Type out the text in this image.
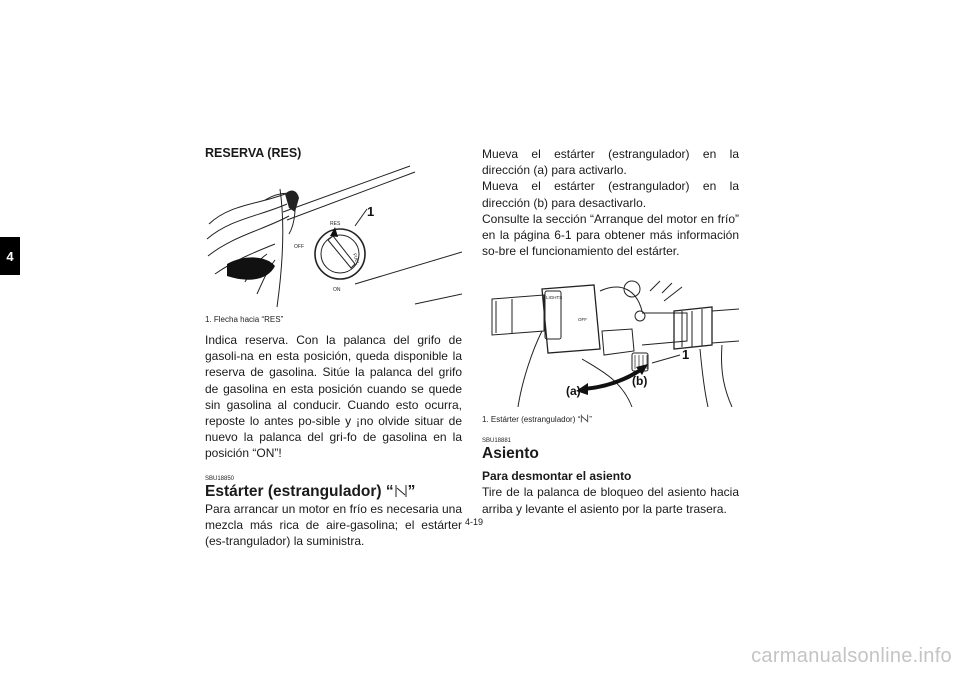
4
RESERVA (RES)
1
RES
OFF
ON
FUEL
1. Flecha hacia “RES”

Indica reserva. Con la palanca del grifo de gasoli-na en esta posición, queda disponible la reserva de gasolina. Sitúe la palanca del grifo de gasolina en esta posición cuando se quede sin gasolina al conducir. Cuando esto ocurra, reposte lo antes po-sible y ¡no olvide situar de nuevo la palanca del gri-fo de gasolina en la posición “ON”!

SBU18850
Estárter (estrangulador) “ ”

Para arrancar un motor en frío es necesaria una mezcla más rica de aire-gasolina; el estárter (es-trangulador) la suministra.

Mueva el estárter (estrangulador) en la dirección (a) para activarlo.

Mueva el estárter (estrangulador) en la dirección (b) para desactivarlo.

Consulte la sección “Arranque del motor en frío” en la página 6-1 para obtener más información so-bre el funcionamiento del estárter.

1
(a)
(b)
LIGHTS
OFF
1. Estárter (estrangulador) “ ”
SBU18881
Asiento
Para desmontar el asiento

Tire de la palanca de bloqueo del asiento hacia arriba y levante el asiento por la parte trasera.

4-19
carmanualsonline.info
